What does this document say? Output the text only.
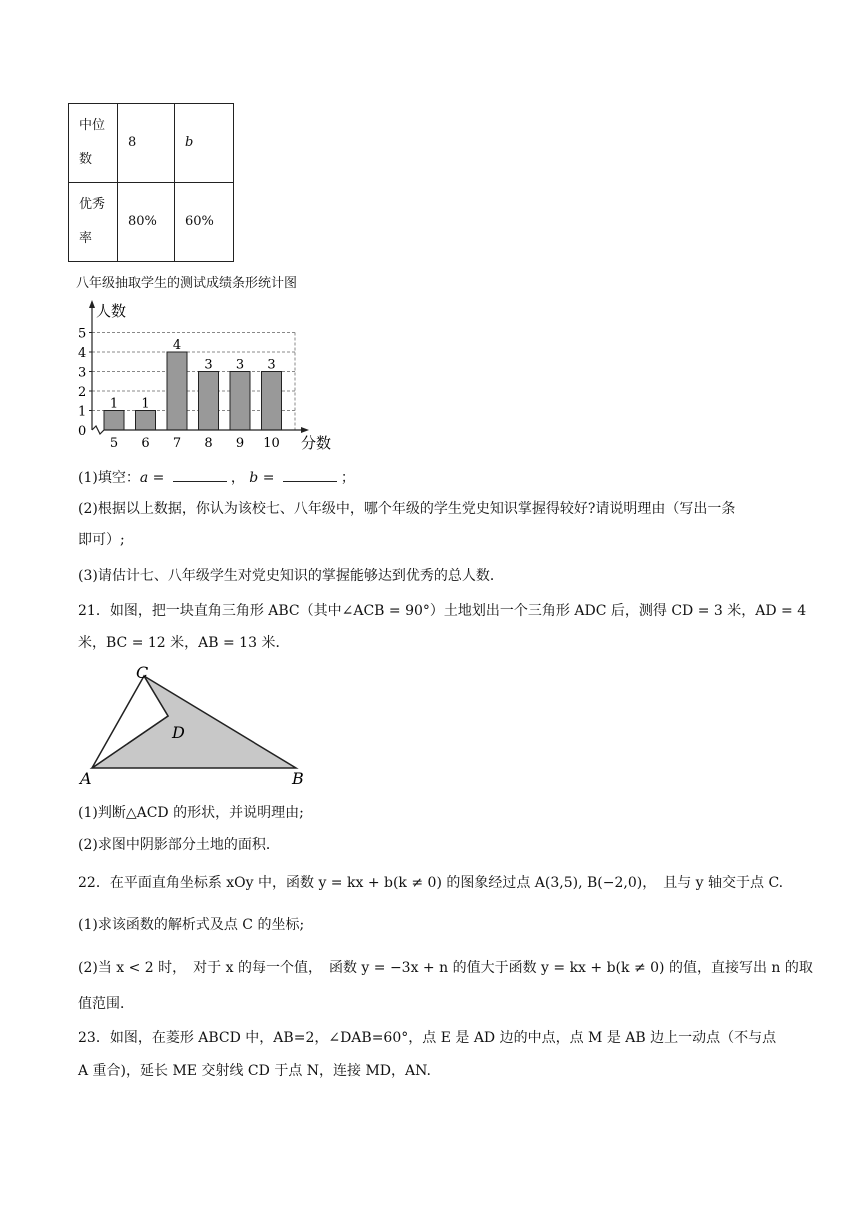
中位数	8	b
优秀率	80%	60%
八年级抽取学生的测试成绩条形统计图
1
5
1
6
4
7
3
8
3
9
3
10
0
1
2
3
4
5
人数
分数
(1)填空：a =	， b =	；
(2)根据以上数据，你认为该校七、八年级中，哪个年级的学生党史知识掌握得较好?请说明理由（写出一条
即可）;
(3)请估计七、八年级学生对党史知识的掌握能够达到优秀的总人数．
21．如图，把一块直角三角形 ABC（其中∠ACB = 90°）土地划出一个三角形 ADC 后，测得 CD = 3 米，AD = 4
米，BC = 12 米，AB = 13 米．
C
D
A	B
(1)判断△ACD 的形状，并说明理由;
(2)求图中阴影部分土地的面积．
22．在平面直角坐标系 xOy 中，函数 y = kx + b(k ≠ 0) 的图象经过点 A(3,5), B(−2,0)，　且与 y 轴交于点 C.
(1)求该函数的解析式及点 C 的坐标;
(2)当 x < 2 时，　对于 x 的每一个值，　函数 y = −3x + n 的值大于函数 y = kx + b(k ≠ 0) 的值，直接写出 n 的取
值范围．
23．如图，在菱形 ABCD 中，AB=2，∠DAB=60°，点 E 是 AD 边的中点，点 M 是 AB 边上一动点（不与点
A 重合)，延长 ME 交射线 CD 于点 N，连接 MD，AN.
